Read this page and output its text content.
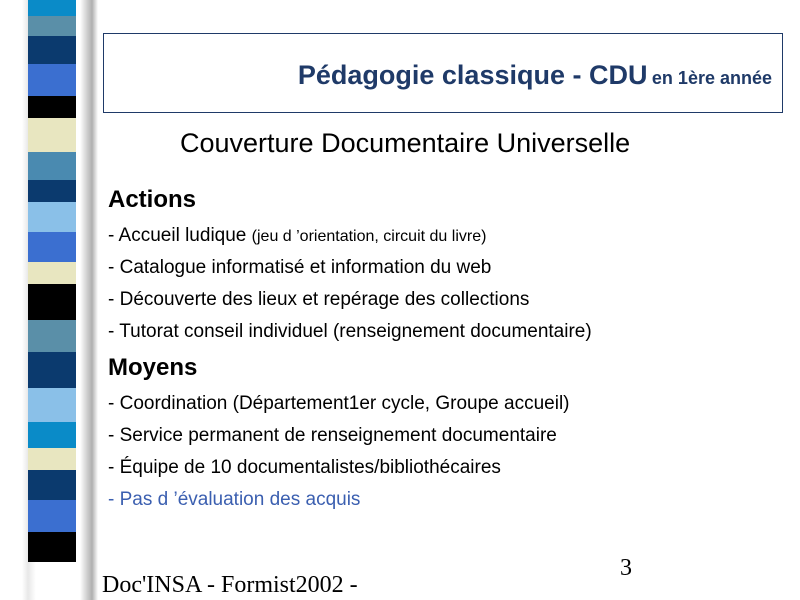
Pédagogie classique - CDU en 1ère année
Couverture Documentaire Universelle
Actions
- Accueil ludique (jeu d ’orientation, circuit du livre)
- Catalogue informatisé et information du web
- Découverte des lieux et repérage des collections
- Tutorat conseil individuel (renseignement documentaire)
Moyens
- Coordination (Département1er cycle, Groupe accueil)
- Service permanent de renseignement documentaire
- Équipe de 10 documentalistes/bibliothécaires
- Pas d ’évaluation des acquis
3
Doc'INSA - Formist2002 -
